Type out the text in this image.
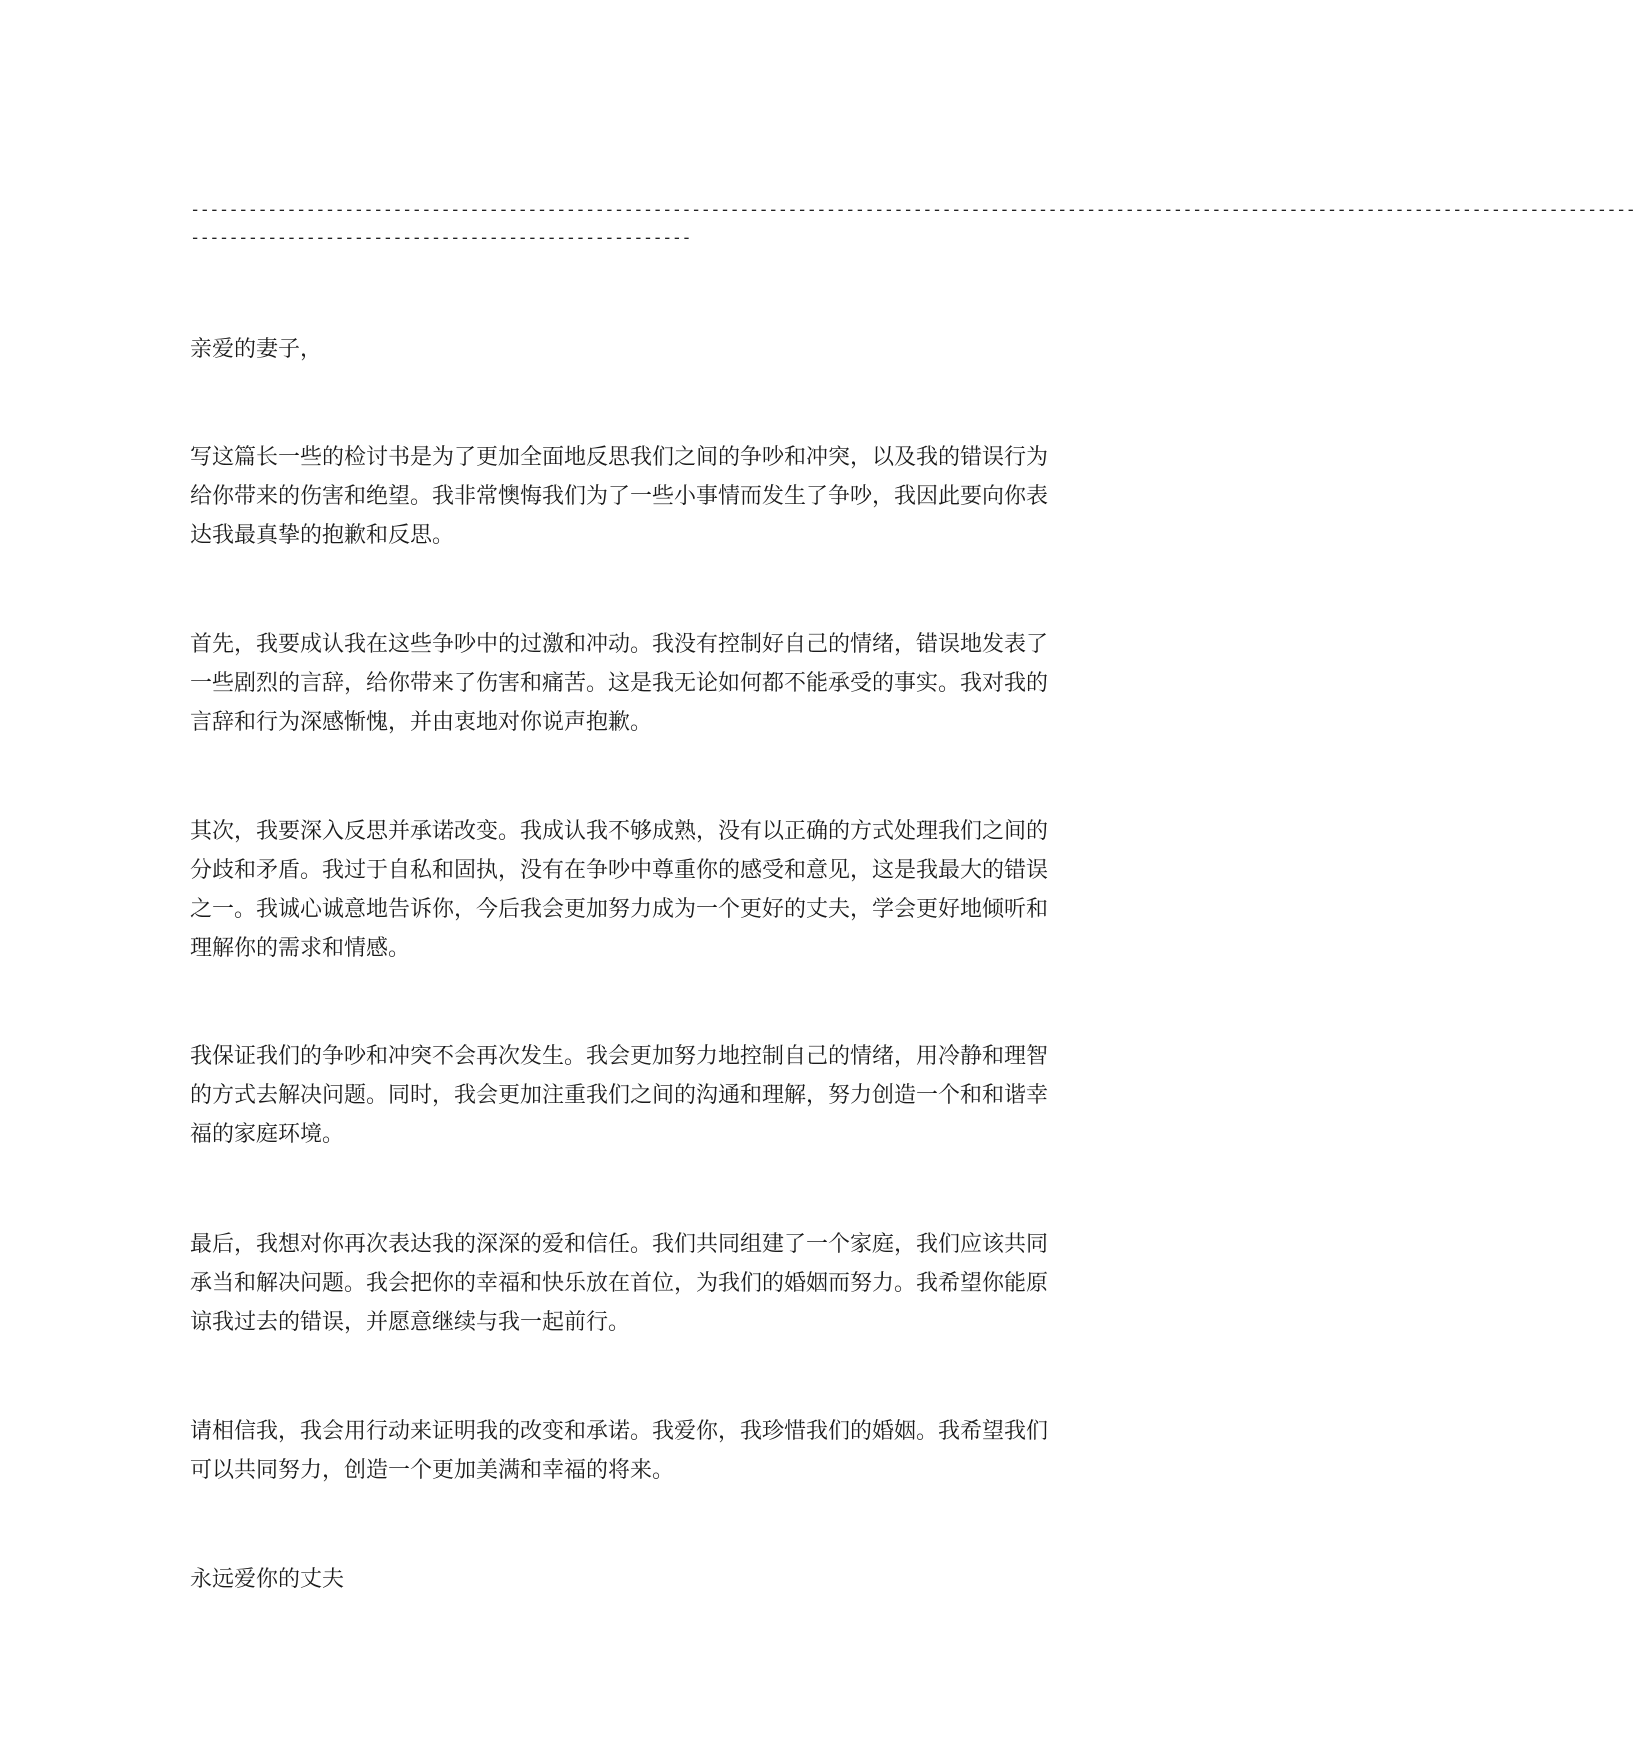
------------------------------------------------------------------------------------------------------------------------------------------------------
----------------------------------------------------

亲爱的妻子，

写这篇长一些的检讨书是为了更加全面地反思我们之间的争吵和冲突，以及我的错误行为给你带来的伤害和绝望。我非常懊悔我们为了一些小事情而发生了争吵，我因此要向你表达我最真挚的抱歉和反思。

首先，我要成认我在这些争吵中的过激和冲动。我没有控制好自己的情绪，错误地发表了一些剧烈的言辞，给你带来了伤害和痛苦。这是我无论如何都不能承受的事实。我对我的言辞和行为深感惭愧，并由衷地对你说声抱歉。

其次，我要深入反思并承诺改变。我成认我不够成熟，没有以正确的方式处理我们之间的分歧和矛盾。我过于自私和固执，没有在争吵中尊重你的感受和意见，这是我最大的错误之一。我诚心诚意地告诉你，今后我会更加努力成为一个更好的丈夫，学会更好地倾听和理解你的需求和情感。

我保证我们的争吵和冲突不会再次发生。我会更加努力地控制自己的情绪，用冷静和理智的方式去解决问题。同时，我会更加注重我们之间的沟通和理解，努力创造一个和和谐幸福的家庭环境。

最后，我想对你再次表达我的深深的爱和信任。我们共同组建了一个家庭，我们应该共同承当和解决问题。我会把你的幸福和快乐放在首位，为我们的婚姻而努力。我希望你能原谅我过去的错误，并愿意继续与我一起前行。

请相信我，我会用行动来证明我的改变和承诺。我爱你，我珍惜我们的婚姻。我希望我们可以共同努力，创造一个更加美满和幸福的将来。

永远爱你的丈夫
